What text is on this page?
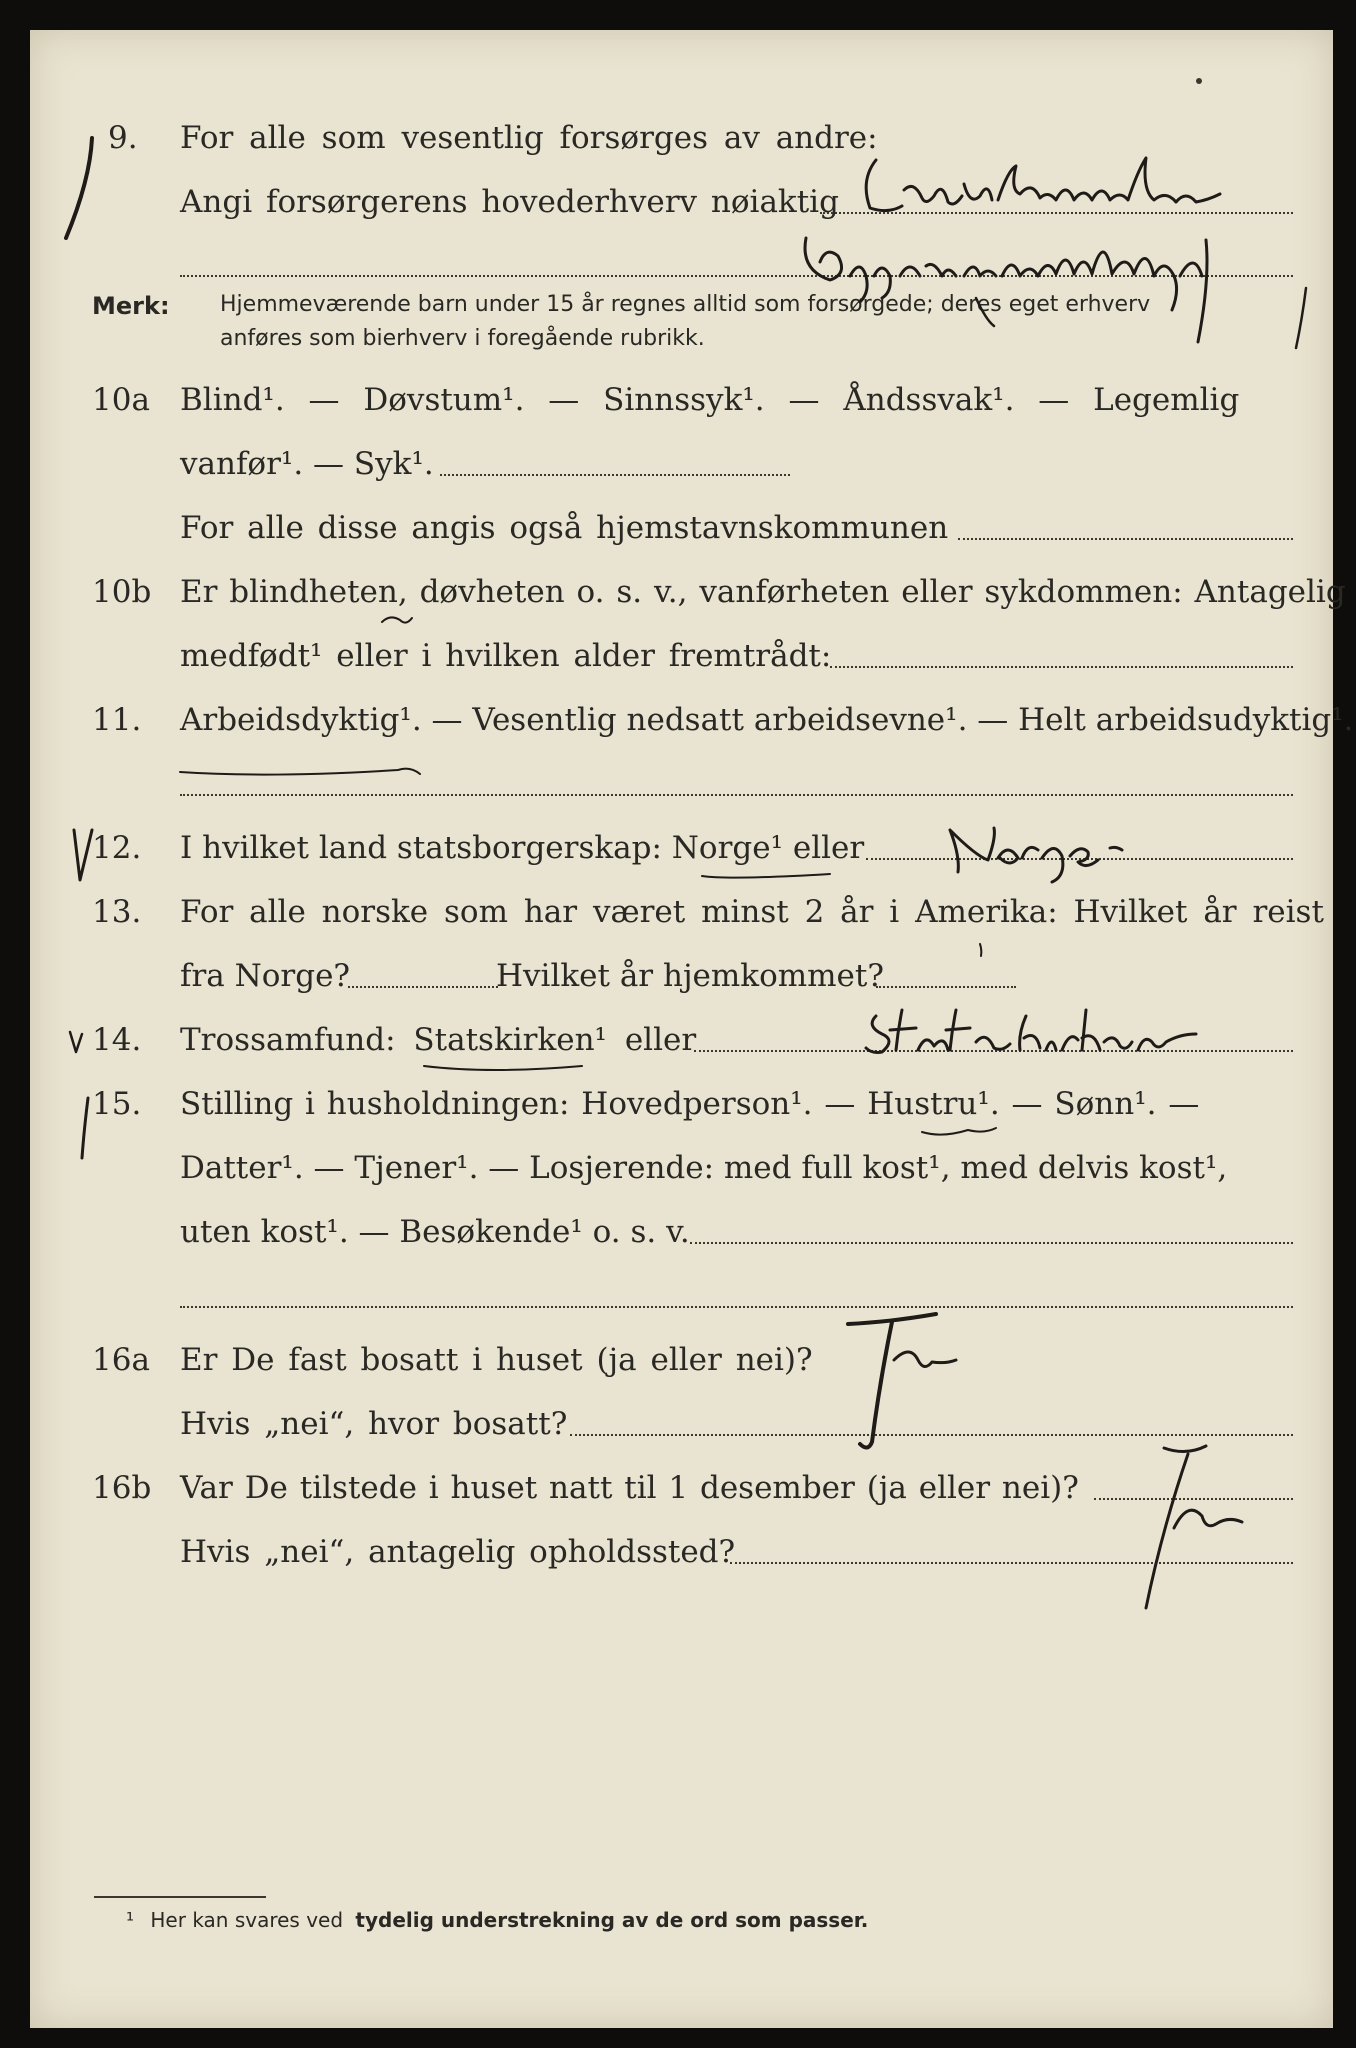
9. For alle som vesentlig forsørges av andre:
Angi forsørgerens hovederhverv nøiaktig
Merk: Hjemmeværende barn under 15 år regnes alltid som forsørgede; deres eget erhverv
anføres som bierhverv i foregående rubrikk.
10a Blind¹. — Døvstum¹. — Sinnssyk¹. — Åndssvak¹. — Legemlig
vanfør¹. — Syk¹.
For alle disse angis også hjemstavnskommunen
10b Er blindheten, døvheten o. s. v., vanførheten eller sykdommen: Antagelig
medfødt¹ eller i hvilken alder fremtrådt:
11. Arbeidsdyktig¹. — Vesentlig nedsatt arbeidsevne¹. — Helt arbeidsudyktig¹.
12. I hvilket land statsborgerskap: Norge¹ eller
13. For alle norske som har været minst 2 år i Amerika: Hvilket år reist
fra Norge?	Hvilket år hjemkommet?
14. Trossamfund: Statskirken¹ eller
15. Stilling i husholdningen: Hovedperson¹. — Hustru¹. — Sønn¹. —
Datter¹. — Tjener¹. — Losjerende: med full kost¹, med delvis kost¹,
uten kost¹. — Besøkende¹ o. s. v.
16a Er De fast bosatt i huset (ja eller nei)?
Hvis „nei“, hvor bosatt?
16b Var De tilstede i huset natt til 1 desember (ja eller nei)?
Hvis „nei“, antagelig opholdssted?
¹ Her kan svares ved tydelig understrekning av de ord som passer.
